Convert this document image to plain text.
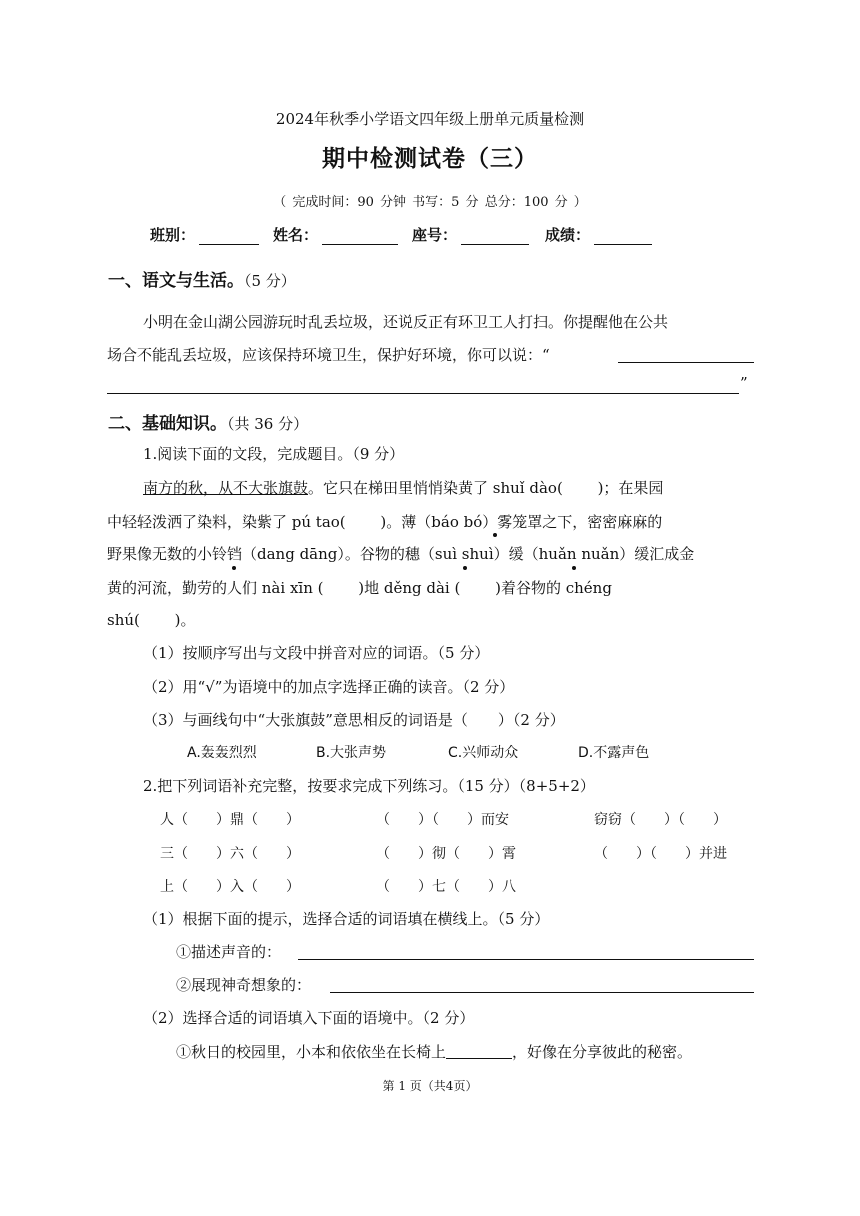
2024年秋季小学语文四年级上册单元质量检测
期中检测试卷（三）
（ 完成时间：90 分钟 书写：5 分 总分：100 分 ）
班别：	姓名：	座号：	成绩：
一、语文与生活。（5 分）
小明在金山湖公园游玩时乱丢垃圾，还说反正有环卫工人打扫。你提醒他在公共
场合不能乱丢垃圾，应该保持环境卫生，保护好环境，你可以说：“
”
二、基础知识。（共 36 分）
1.阅读下面的文段，完成题目。（9 分）
南方的秋，从不大张旗鼓。它只在梯田里悄悄染黄了 shuǐ dào(　　 )；在果园
中轻轻泼洒了染料，染紫了 pú tao(　　 )。薄（báo bó）雾笼罩之下，密密麻麻的
野果像无数的小铃铛（dang dāng）。谷物的穗（suì shuì）缓（huǎn nuǎn）缓汇成金
黄的河流，勤劳的人们 nài xīn (　　 )地 děng dài (　　 )着谷物的 chéng
shú(　　 )。
（1）按顺序写出与文段中拼音对应的词语。（5 分）
（2）用“√”为语境中的加点字选择正确的读音。（2 分）
（3）与画线句中“大张旗鼓”意思相反的词语是（　　）（2 分）
A.轰轰烈烈	B.大张声势	C.兴师动众	D.不露声色
2.把下列词语补充完整，按要求完成下列练习。（15 分）（8+5+2）
人（　　）鼎（　　）	（　　）（　　）而安	窃窃（　　）（　　）
三（　　）六（　　）	（　　）彻（　　）霄	（　　）（　　）并进
上（　　）入（　　）	（　　）七（　　）八
（1）根据下面的提示，选择合适的词语填在横线上。（5 分）
①描述声音的：
②展现神奇想象的：
（2）选择合适的词语填入下面的语境中。（2 分）
①秋日的校园里，小本和依依坐在长椅上	，好像在分享彼此的秘密。
第 1 页（共4页）
